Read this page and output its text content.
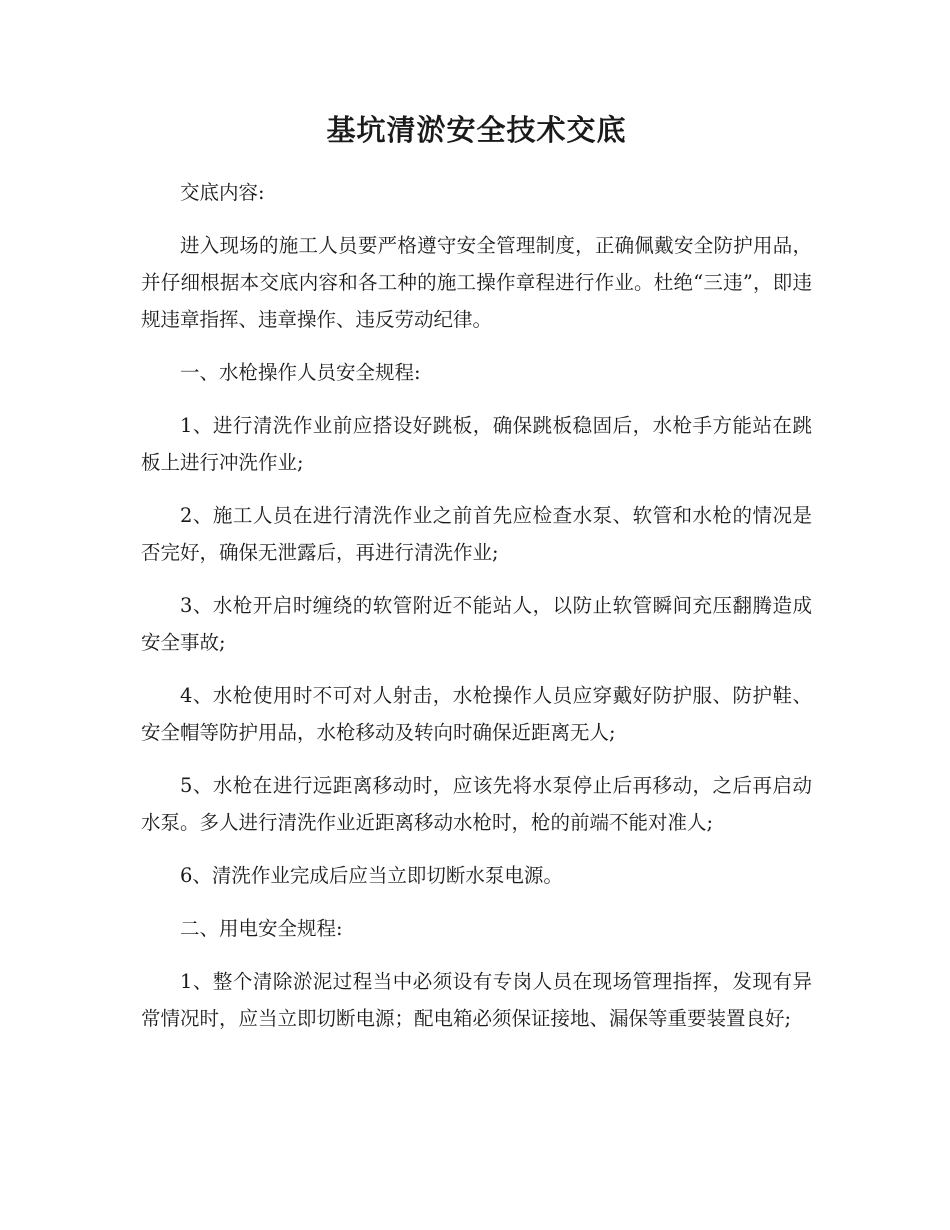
基坑清淤安全技术交底

交底内容:

进入现场的施工人员要严格遵守安全管理制度，正确佩戴安全防护用品，并仔细根据本交底内容和各工种的施工操作章程进行作业。杜绝“三违”，即违规违章指挥、违章操作、违反劳动纪律。

一、水枪操作人员安全规程:

1、进行清洗作业前应搭设好跳板，确保跳板稳固后，水枪手方能站在跳板上进行冲洗作业;

2、施工人员在进行清洗作业之前首先应检查水泵、软管和水枪的情况是否完好，确保无泄露后，再进行清洗作业;

3、水枪开启时缠绕的软管附近不能站人，以防止软管瞬间充压翻腾造成安全事故;

4、水枪使用时不可对人射击，水枪操作人员应穿戴好防护服、防护鞋、安全帽等防护用品，水枪移动及转向时确保近距离无人;

5、水枪在进行远距离移动时，应该先将水泵停止后再移动，之后再启动水泵。多人进行清洗作业近距离移动水枪时，枪的前端不能对准人;

6、清洗作业完成后应当立即切断水泵电源。

二、用电安全规程:

1、整个清除淤泥过程当中必须设有专岗人员在现场管理指挥，发现有异常情况时，应当立即切断电源；配电箱必须保证接地、漏保等重要装置良好;
